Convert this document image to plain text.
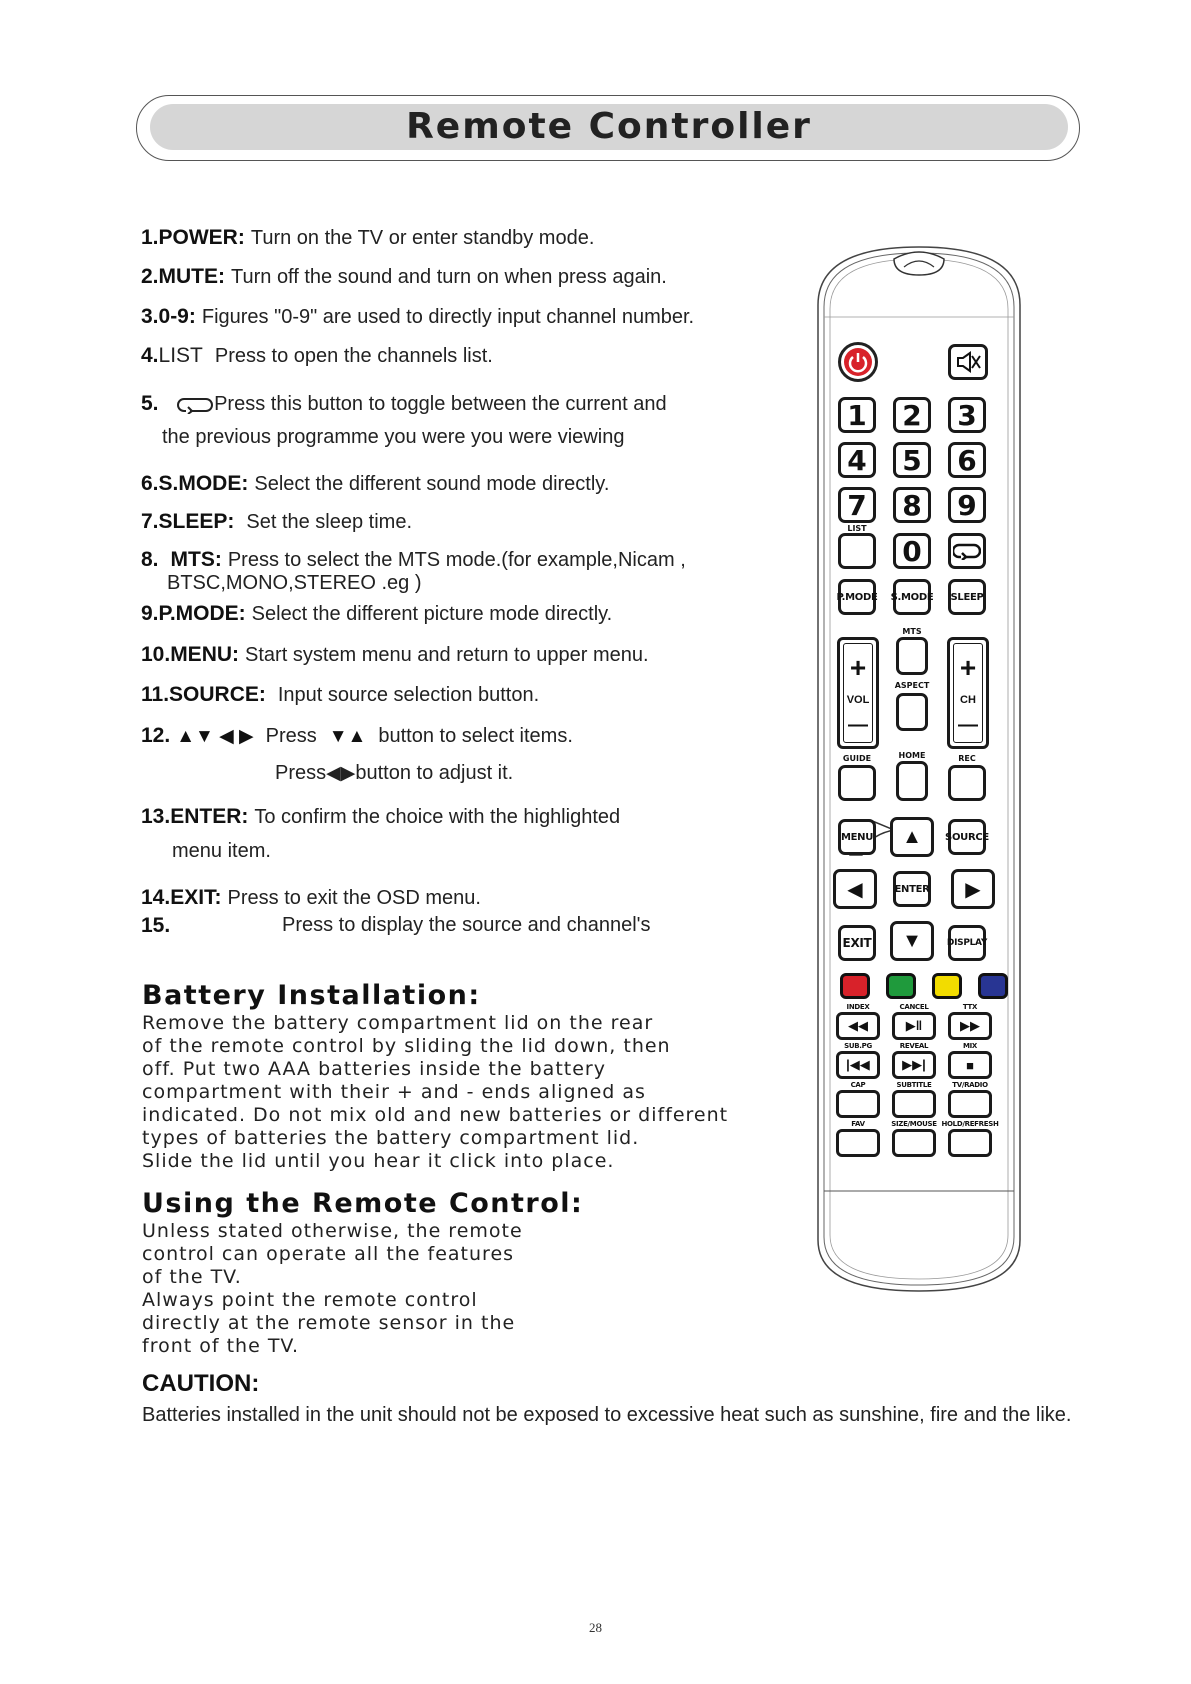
Remote Controller
1.POWER: Turn on the TV or enter standby mode.
2.MUTE: Turn off the sound and turn on when press again.
3.0-9: Figures "0-9" are used to directly input channel number.
4.LIST Press to open the channels list.
5.	Press this button to toggle between the current and
the previous programme you were you were viewing
6.S.MODE: Select the different sound mode directly.
7.SLEEP: Set the sleep time.
8. MTS: Press to select the MTS mode.(for example,Nicam ,
BTSC,MONO,STEREO .eg )
9.P.MODE: Select the different picture mode directly.
10.MENU: Start system menu and return to upper menu.
11.SOURCE: Input source selection button.
12. ▲▼ ◀ ▶ Press ▼▲ button to select items.
Press◀▶button to adjust it.
13.ENTER: To confirm the choice with the highlighted
menu item.
14.EXIT: Press to exit the OSD menu.
15.	Press to display the source and channel's
Battery Installation:
Remove the battery compartment lid on the rear
of the remote control by sliding the lid down, then
off. Put two AAA batteries inside the battery
compartment with their + and - ends aligned as
indicated. Do not mix old and new batteries or different
types of batteries the battery compartment lid.
Slide the lid until you hear it click into place.
Using the Remote Control:
Unless stated otherwise, the remote
control can operate all the features
of the TV.
Always point the remote control
directly at the remote sensor in the
front of the TV.
CAUTION:
Batteries installed in the unit should not be exposed to excessive heat such as sunshine, fire and the like.
28
1	2	3
4	5	6
7	8	9
LIST
0
P.MODE S.MODE SLEEP
+
VOL
—
MTS
ASPECT
+
CH
—
GUIDE	HOME	REC
MENU	SOURCE
▲
◀	ENTER	▶
EXIT	▼	DISPLAY
INDEX	CANCEL	TTX
◀◀	▶‖	▶▶
SUB.PG	REVEAL	MIX
|◀◀	▶▶|	■
CAP	SUBTITLE	TV/RADIO
FAV	SIZE/MOUSE HOLD/REFRESH
